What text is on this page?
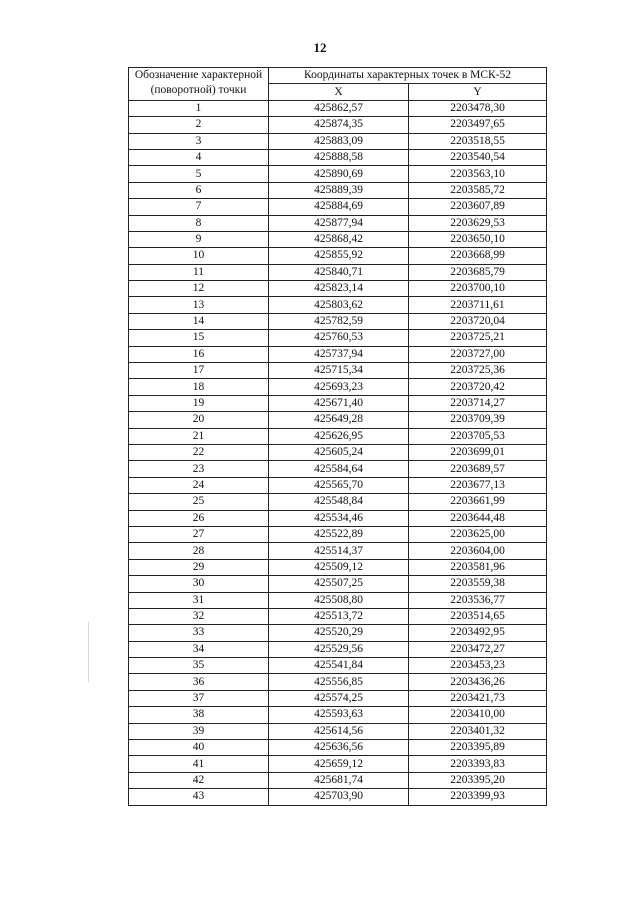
12
Обозначение характерной (поворотной) точки	Координаты характерных точек в МСК-52	
	X	Y
1	425862,57	2203478,30
2	425874,35	2203497,65
3	425883,09	2203518,55
4	425888,58	2203540,54
5	425890,69	2203563,10
6	425889,39	2203585,72
7	425884,69	2203607,89
8	425877,94	2203629,53
9	425868,42	2203650,10
10	425855,92	2203668,99
11	425840,71	2203685,79
12	425823,14	2203700,10
13	425803,62	2203711,61
14	425782,59	2203720,04
15	425760,53	2203725,21
16	425737,94	2203727,00
17	425715,34	2203725,36
18	425693,23	2203720,42
19	425671,40	2203714,27
20	425649,28	2203709,39
21	425626,95	2203705,53
22	425605,24	2203699,01
23	425584,64	2203689,57
24	425565,70	2203677,13
25	425548,84	2203661,99
26	425534,46	2203644,48
27	425522,89	2203625,00
28	425514,37	2203604,00
29	425509,12	2203581,96
30	425507,25	2203559,38
31	425508,80	2203536,77
32	425513,72	2203514,65
33	425520,29	2203492,95
34	425529,56	2203472,27
35	425541,84	2203453,23
36	425556,85	2203436,26
37	425574,25	2203421,73
38	425593,63	2203410,00
39	425614,56	2203401,32
40	425636,56	2203395,89
41	425659,12	2203393,83
42	425681,74	2203395,20
43	425703,90	2203399,93
